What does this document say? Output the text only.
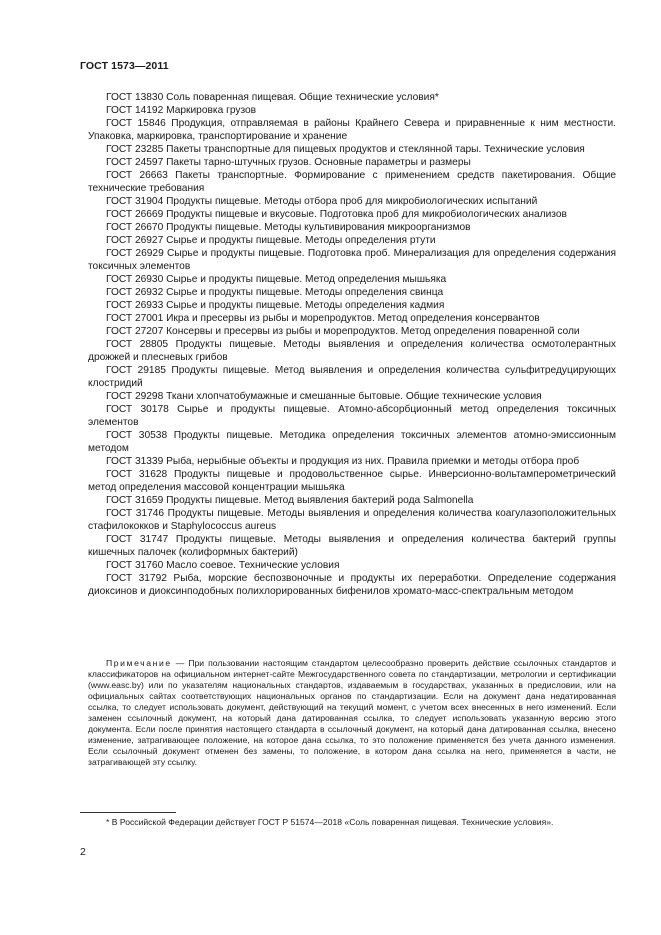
ГОСТ 1573—2011

ГОСТ 13830 Соль поваренная пищевая. Общие технические условия*

ГОСТ 14192 Маркировка грузов

ГОСТ 15846 Продукция, отправляемая в районы Крайнего Севера и приравненные к ним местности. Упаковка, маркировка, транспортирование и хранение

ГОСТ 23285 Пакеты транспортные для пищевых продуктов и стеклянной тары. Технические условия

ГОСТ 24597 Пакеты тарно-штучных грузов. Основные параметры и размеры

ГОСТ 26663 Пакеты транспортные. Формирование с применением средств пакетирования. Общие технические требования

ГОСТ 31904 Продукты пищевые. Методы отбора проб для микробиологических испытаний

ГОСТ 26669 Продукты пищевые и вкусовые. Подготовка проб для микробиологических анализов

ГОСТ 26670 Продукты пищевые. Методы культивирования микроорганизмов

ГОСТ 26927 Сырье и продукты пищевые. Методы определения ртути

ГОСТ 26929 Сырье и продукты пищевые. Подготовка проб. Минерализация для определения содержания токсичных элементов

ГОСТ 26930 Сырье и продукты пищевые. Метод определения мышьяка

ГОСТ 26932 Сырье и продукты пищевые. Методы определения свинца

ГОСТ 26933 Сырье и продукты пищевые. Методы определения кадмия

ГОСТ 27001 Икра и пресервы из рыбы и морепродуктов. Метод определения консервантов

ГОСТ 27207 Консервы и пресервы из рыбы и морепродуктов. Метод определения поваренной соли

ГОСТ 28805 Продукты пищевые. Методы выявления и определения количества осмотолерантных дрожжей и плесневых грибов

ГОСТ 29185 Продукты пищевые. Метод выявления и определения количества сульфитредуцирующих клостридий

ГОСТ 29298 Ткани хлопчатобумажные и смешанные бытовые. Общие технические условия

ГОСТ 30178 Сырье и продукты пищевые. Атомно-абсорбционный метод определения токсичных элементов

ГОСТ 30538 Продукты пищевые. Методика определения токсичных элементов атомно-эмиссионным методом

ГОСТ 31339 Рыба, нерыбные объекты и продукция из них. Правила приемки и методы отбора проб

ГОСТ 31628 Продукты пищевые и продовольственное сырье. Инверсионно-вольтамперометрический метод определения массовой концентрации мышьяка

ГОСТ 31659 Продукты пищевые. Метод выявления бактерий рода Salmonella

ГОСТ 31746 Продукты пищевые. Методы выявления и определения количества коагулазоположительных стафилококков и Staphylococcus aureus

ГОСТ 31747 Продукты пищевые. Методы выявления и определения количества бактерий группы кишечных палочек (колиформных бактерий)

ГОСТ 31760 Масло соевое. Технические условия

ГОСТ 31792 Рыба, морские беспозвоночные и продукты их переработки. Определение содержания диоксинов и диоксинподобных полихлорированных бифенилов хромато-масс-спектральным методом

Примечание — При пользовании настоящим стандартом целесообразно проверить действие ссылочных стандартов и классификаторов на официальном интернет-сайте Межгосударственного совета по стандартизации, метрологии и сертификации (www.easc.by) или по указателям национальных стандартов, издаваемым в государствах, указанных в предисловии, или на официальных сайтах соответствующих национальных органов по стандартизации. Если на документ дана недатированная ссылка, то следует использовать документ, действующий на текущий момент, с учетом всех внесенных в него изменений. Если заменен ссылочный документ, на который дана датированная ссылка, то следует использовать указанную версию этого документа. Если после принятия настоящего стандарта в ссылочный документ, на который дана датированная ссылка, внесено изменение, затрагивающее положение, на которое дана ссылка, то это положение применяется без учета данного изменения. Если ссылочный документ отменен без замены, то положение, в котором дана ссылка на него, применяется в части, не затрагивающей эту ссылку.

* В Российской Федерации действует ГОСТ Р 51574—2018 «Соль поваренная пищевая. Технические условия».

2
